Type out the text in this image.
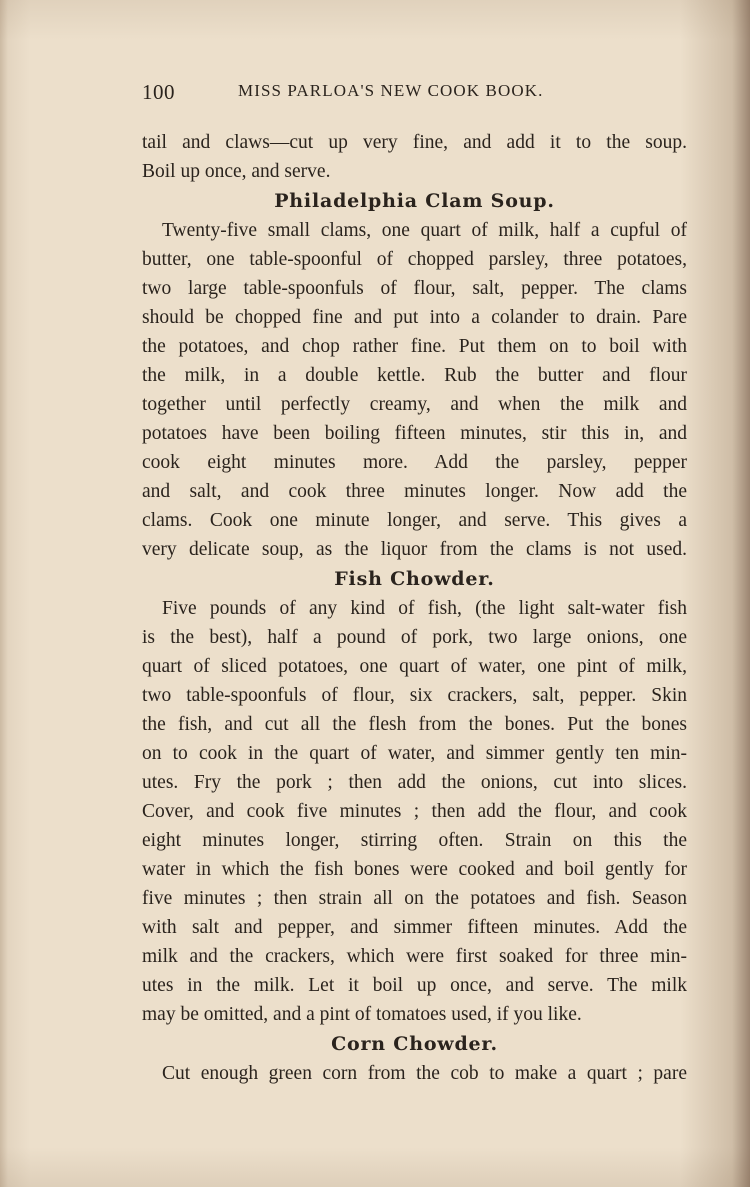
100	MISS PARLOA'S NEW COOK BOOK.
tail and claws—cut up very fine, and add it to the soup.
Boil up once, and serve.
Philadelphia Clam Soup.
Twenty-five small clams, one quart of milk, half a cupful of
butter, one table-spoonful of chopped parsley, three potatoes,
two large table-spoonfuls of flour, salt, pepper. The clams
should be chopped fine and put into a colander to drain. Pare
the potatoes, and chop rather fine. Put them on to boil with
the milk, in a double kettle. Rub the butter and flour
together until perfectly creamy, and when the milk and
potatoes have been boiling fifteen minutes, stir this in, and
cook eight minutes more. Add the parsley, pepper
and salt, and cook three minutes longer. Now add the
clams. Cook one minute longer, and serve. This gives a
very delicate soup, as the liquor from the clams is not used.
Fish Chowder.
Five pounds of any kind of fish, (the light salt-water fish
is the best), half a pound of pork, two large onions, one
quart of sliced potatoes, one quart of water, one pint of milk,
two table-spoonfuls of flour, six crackers, salt, pepper. Skin
the fish, and cut all the flesh from the bones. Put the bones
on to cook in the quart of water, and simmer gently ten min-
utes. Fry the pork ; then add the onions, cut into slices.
Cover, and cook five minutes ; then add the flour, and cook
eight minutes longer, stirring often. Strain on this the
water in which the fish bones were cooked and boil gently for
five minutes ; then strain all on the potatoes and fish. Season
with salt and pepper, and simmer fifteen minutes. Add the
milk and the crackers, which were first soaked for three min-
utes in the milk. Let it boil up once, and serve. The milk
may be omitted, and a pint of tomatoes used, if you like.
Corn Chowder.
Cut enough green corn from the cob to make a quart ; pare
